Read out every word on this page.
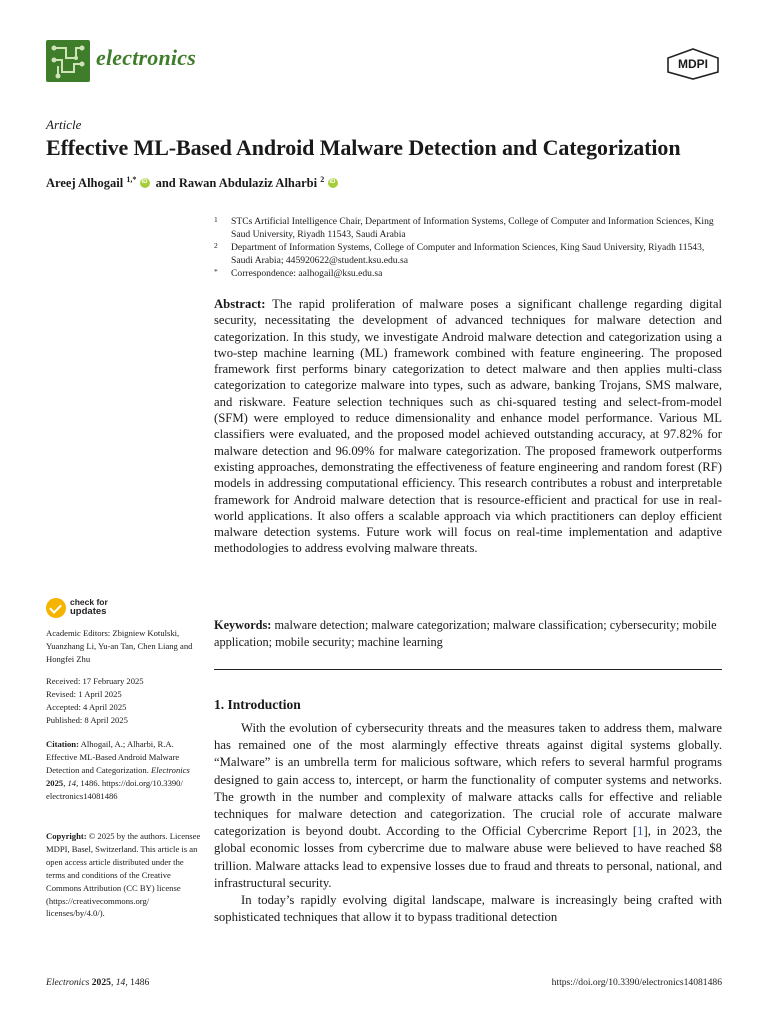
electronics	MDPI
Article
Effective ML-Based Android Malware Detection and Categorization
Areej Alhogail $^{1,*}$ iD and Rawan Abdulaziz Alharbi $^2$ iD
1	STCs Artificial Intelligence Chair, Department of Information Systems, College of Computer and Information Sciences, King Saud University, Riyadh 11543, Saudi Arabia
2	Department of Information Systems, College of Computer and Information Sciences, King Saud University, Riyadh 11543, Saudi Arabia; 445920622@student.ksu.edu.sa
*	Correspondence: aalhogail@ksu.edu.sa
Abstract: The rapid proliferation of malware poses a significant challenge regarding digital security, necessitating the development of advanced techniques for malware detection and categorization. In this study, we investigate Android malware detection and categorization using a two-step machine learning (ML) framework combined with feature engineering. The proposed framework first performs binary categorization to detect malware and then applies multi-class categorization to categorize malware into types, such as adware, banking Trojans, SMS malware, and riskware. Feature selection techniques such as chi-squared testing and select-from-model (SFM) were employed to reduce dimensionality and enhance model performance. Various ML classifiers were evaluated, and the proposed model achieved outstanding accuracy, at 97.82% for malware detection and 96.09% for malware categorization. The proposed framework outperforms existing approaches, demonstrating the effectiveness of feature engineering and random forest (RF) models in addressing computational efficiency. This research contributes a robust and interpretable framework for Android malware detection that is resource-efficient and practical for use in real-world applications. It also offers a scalable approach via which practitioners can deploy efficient malware detection systems. Future work will focus on real-time implementation and adaptive methodologies to address evolving malware threats.
Keywords: malware detection; malware categorization; malware classification; cybersecurity; mobile application; mobile security; machine learning
check for
updates
Academic Editors: Zbigniew Kotulski, Yuanzhang Li, Yu-an Tan, Chen Liang and Hongfei Zhu
Received: 17 February 2025
Revised: 1 April 2025
Accepted: 4 April 2025
Published: 8 April 2025
Citation: Alhogail, A.; Alharbi, R.A. Effective ML-Based Android Malware Detection and Categorization. Electronics 2025, 14, 1486. https://doi.org/10.3390/ electronics14081486
Copyright: © 2025 by the authors. Licensee MDPI, Basel, Switzerland. This article is an open access article distributed under the terms and conditions of the Creative Commons Attribution (CC BY) license (https://creativecommons.org/ licenses/by/4.0/).
1. Introduction

With the evolution of cybersecurity threats and the measures taken to address them, malware has remained one of the most alarmingly effective threats against digital systems globally. “Malware” is an umbrella term for malicious software, which refers to several harmful programs designed to gain access to, intercept, or harm the functionality of computer systems and networks. The growth in the number and complexity of malware attacks calls for effective and reliable techniques for malware detection and categorization. The crucial role of accurate malware categorization is beyond doubt. According to the Official Cybercrime Report [1], in 2023, the global economic losses from cybercrime due to malware abuse were believed to have reached $8 trillion. Malware attacks lead to expensive losses due to fraud and threats to personal, national, and infrastructural security.

In today’s rapidly evolving digital landscape, malware is increasingly being crafted with sophisticated techniques that allow it to bypass traditional detection

Electronics 2025, 14, 1486	https://doi.org/10.3390/electronics14081486
